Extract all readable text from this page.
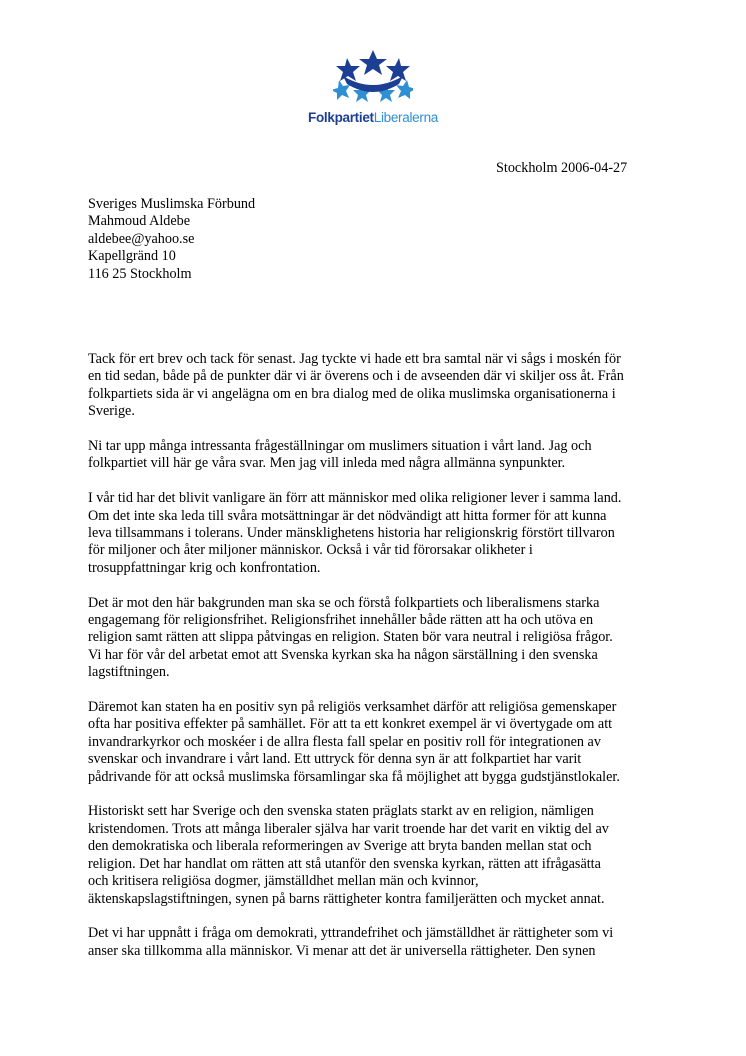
FolkpartietLiberalerna
Stockholm 2006-04-27
Sveriges Muslimska Förbund
Mahmoud Aldebe
aldebee@yahoo.se
Kapellgränd 10
116 25 Stockholm

Tack för ert brev och tack för senast. Jag tyckte vi hade ett bra samtal när vi sågs i moskén för
en tid sedan, både på de punkter där vi är överens och i de avseenden där vi skiljer oss åt. Från
folkpartiets sida är vi angelägna om en bra dialog med de olika muslimska organisationerna i
Sverige.

Ni tar upp många intressanta frågeställningar om muslimers situation i vårt land. Jag och
folkpartiet vill här ge våra svar. Men jag vill inleda med några allmänna synpunkter.

I vår tid har det blivit vanligare än förr att människor med olika religioner lever i samma land.
Om det inte ska leda till svåra motsättningar är det nödvändigt att hitta former för att kunna
leva tillsammans i tolerans. Under mänsklighetens historia har religionskrig förstört tillvaron
för miljoner och åter miljoner människor. Också i vår tid förorsakar olikheter i
trosuppfattningar krig och konfrontation.

Det är mot den här bakgrunden man ska se och förstå folkpartiets och liberalismens starka
engagemang för religionsfrihet. Religionsfrihet innehåller både rätten att ha och utöva en
religion samt rätten att slippa påtvingas en religion. Staten bör vara neutral i religiösa frågor.
Vi har för vår del arbetat emot att Svenska kyrkan ska ha någon särställning i den svenska
lagstiftningen.

Däremot kan staten ha en positiv syn på religiös verksamhet därför att religiösa gemenskaper
ofta har positiva effekter på samhället. För att ta ett konkret exempel är vi övertygade om att
invandrarkyrkor och moskéer i de allra flesta fall spelar en positiv roll för integrationen av
svenskar och invandrare i vårt land. Ett uttryck för denna syn är att folkpartiet har varit
pådrivande för att också muslimska församlingar ska få möjlighet att bygga gudstjänstlokaler.

Historiskt sett har Sverige och den svenska staten präglats starkt av en religion, nämligen
kristendomen. Trots att många liberaler själva har varit troende har det varit en viktig del av
den demokratiska och liberala reformeringen av Sverige att bryta banden mellan stat och
religion. Det har handlat om rätten att stå utanför den svenska kyrkan, rätten att ifrågasätta
och kritisera religiösa dogmer, jämställdhet mellan män och kvinnor,
äktenskapslagstiftningen, synen på barns rättigheter kontra familjerätten och mycket annat.

Det vi har uppnått i fråga om demokrati, yttrandefrihet och jämställdhet är rättigheter som vi
anser ska tillkomma alla människor. Vi menar att det är universella rättigheter. Den synen
